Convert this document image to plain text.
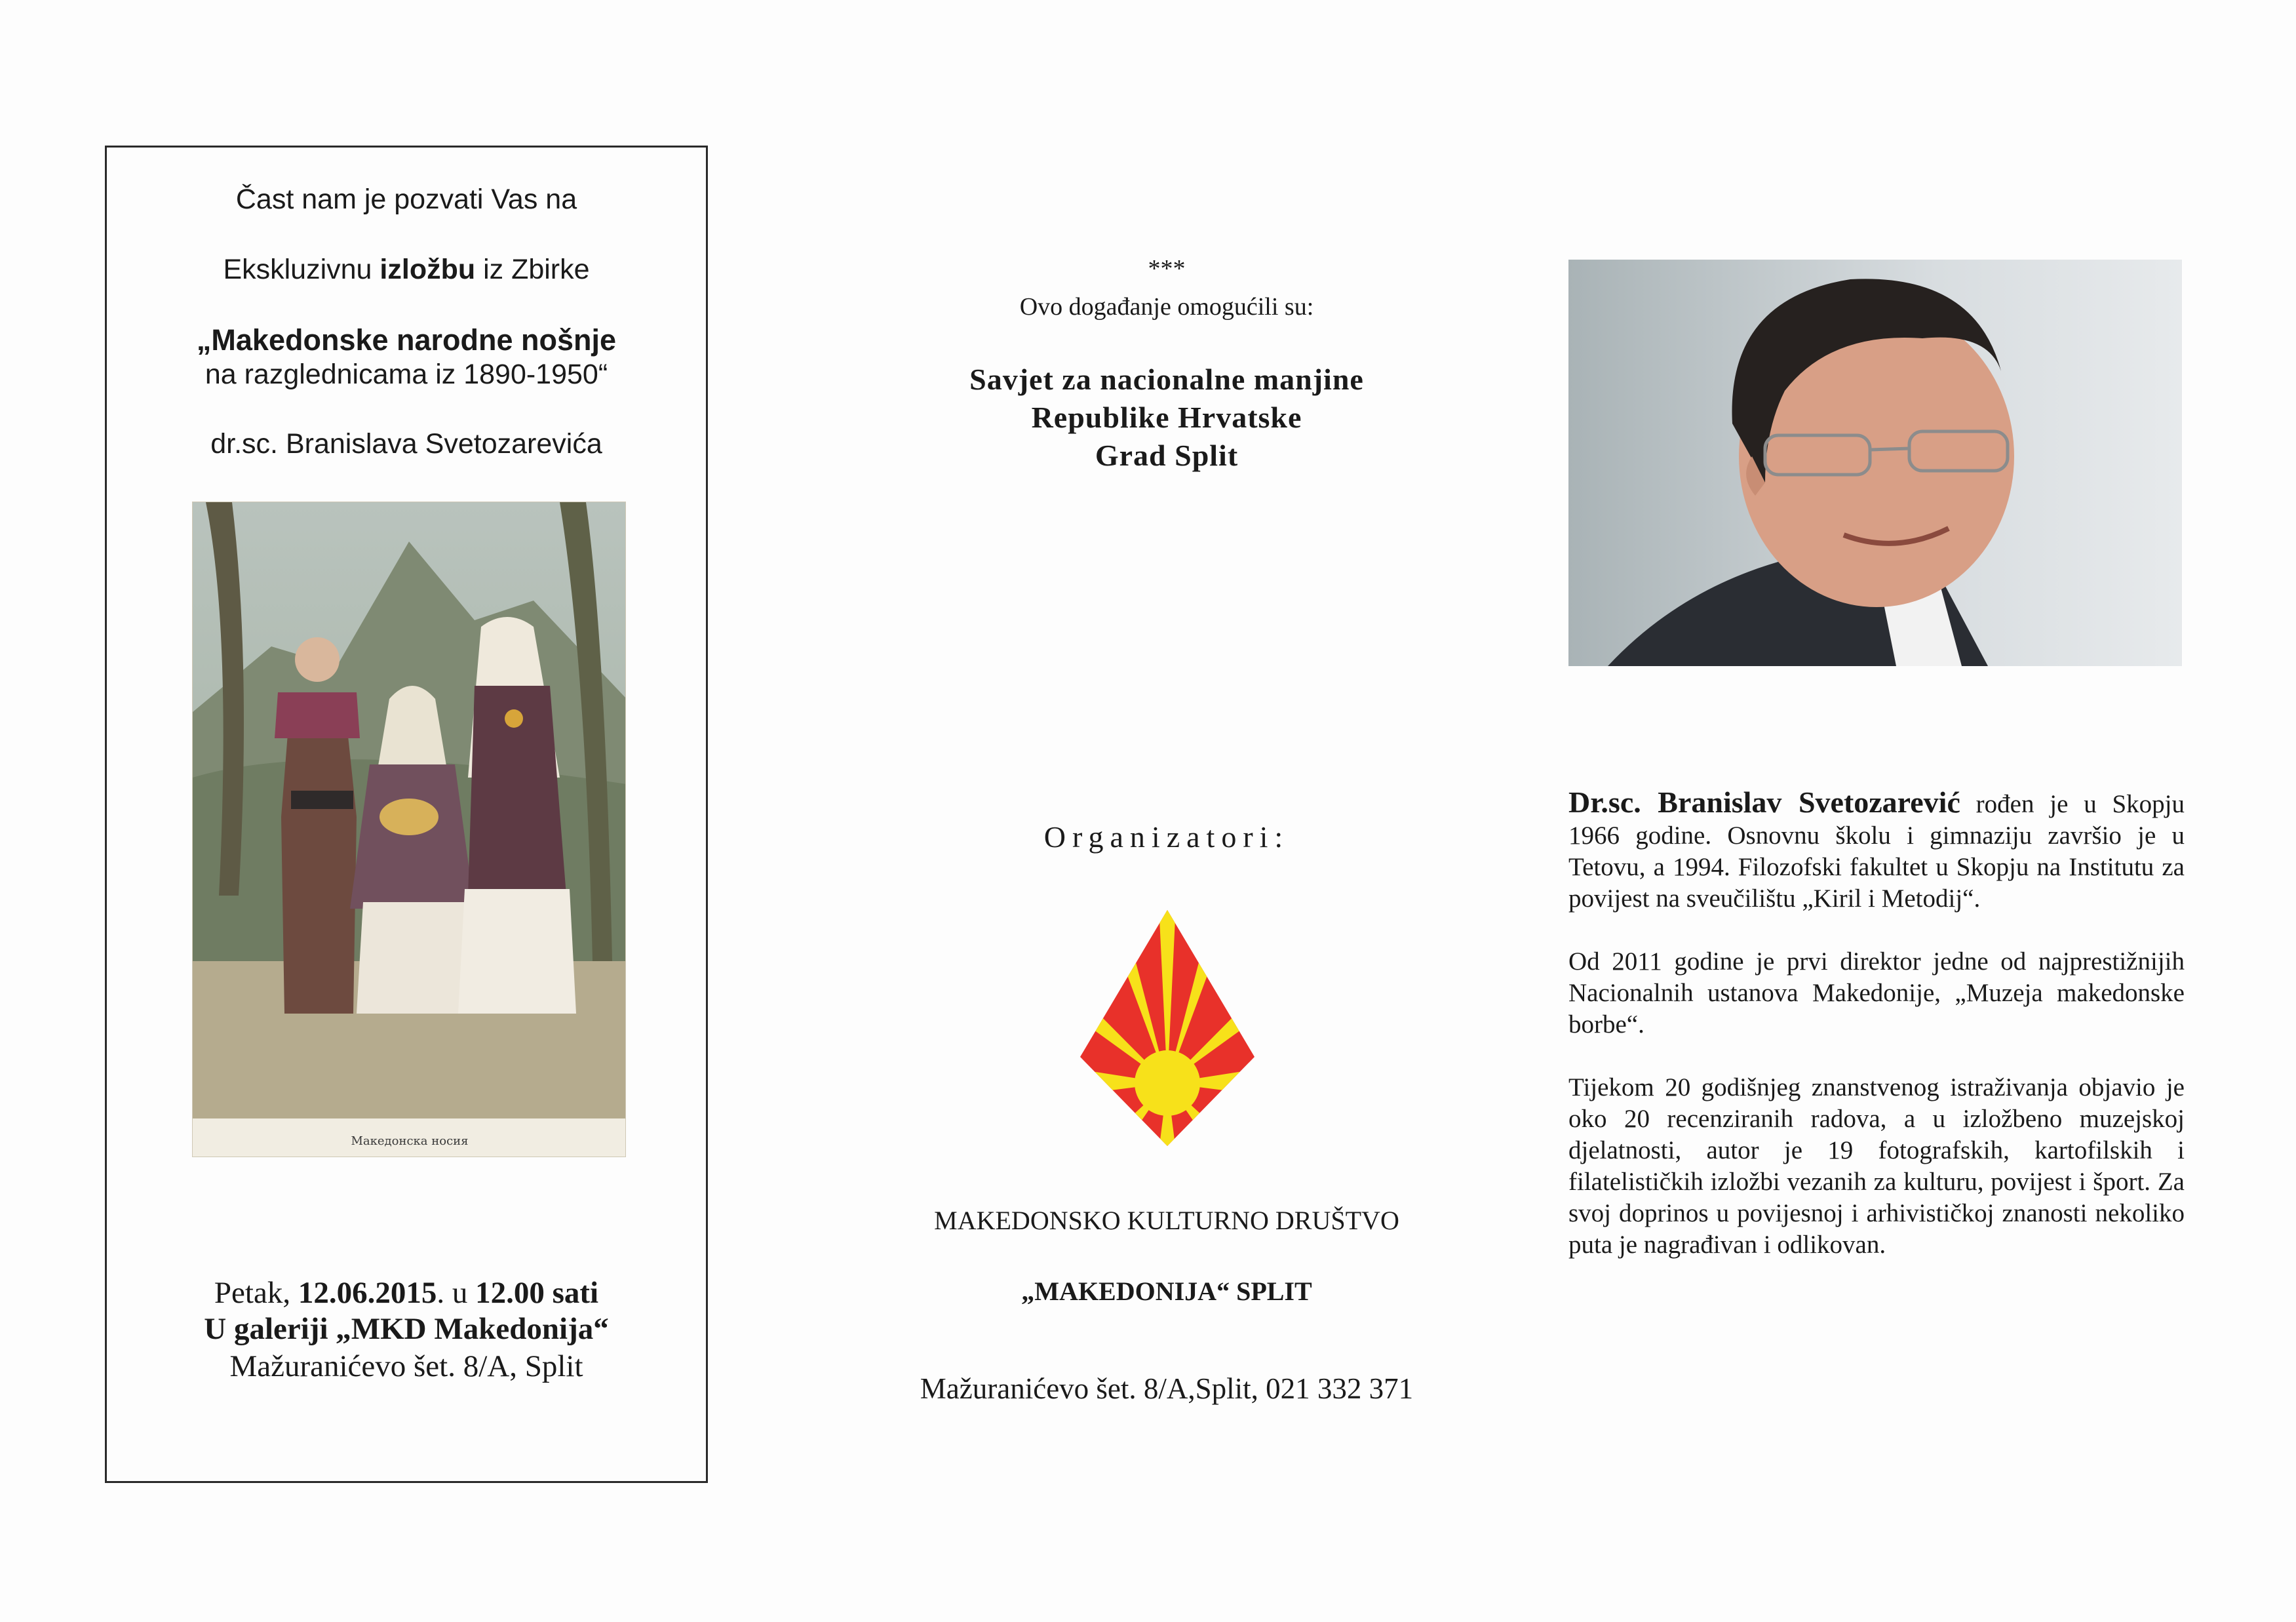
Čast nam je pozvati Vas na
Ekskluzivnu izložbu iz Zbirke
„Makedonske narodne nošnje
na razglednicama iz 1890-1950“
dr.sc. Branislava Svetozarevića
Македонска носия
Petak, 12.06.2015. u 12.00 sati
U galeriji „MKD Makedonija“
Mažuranićevo šet. 8/A, Split
***
Ovo događanje omogućili su:
Savjet za nacionalne manjine
Republike Hrvatske
Grad Split
Organizatori:
MAKEDONSKO KULTURNO DRUŠTVO
„MAKEDONIJA“ SPLIT
Mažuranićevo šet. 8/A,Split, 021 332 371

Dr.sc. Branislav Svetozarević rođen je u Skopju 1966 godine. Osnovnu školu i gimnaziju završio je u Tetovu, a 1994. Filozofski fakultet u Skopju na Institutu za povijest na sveučilištu „Kiril i Metodij“.

Od 2011 godine je prvi direktor jedne od najprestižnijih Nacionalnih ustanova Makedonije, „Muzeja makedonske borbe“.

Tijekom 20 godišnjeg znanstvenog istraživanja objavio je oko 20 recenziranih radova, a u izložbeno muzejskoj djelatnosti, autor je 19 fotografskih, kartofilskih i filatelističkih izložbi vezanih za kulturu, povijest i šport. Za svoj doprinos u povijesnoj i arhivističkoj znanosti nekoliko puta je nagrađivan i odlikovan.
